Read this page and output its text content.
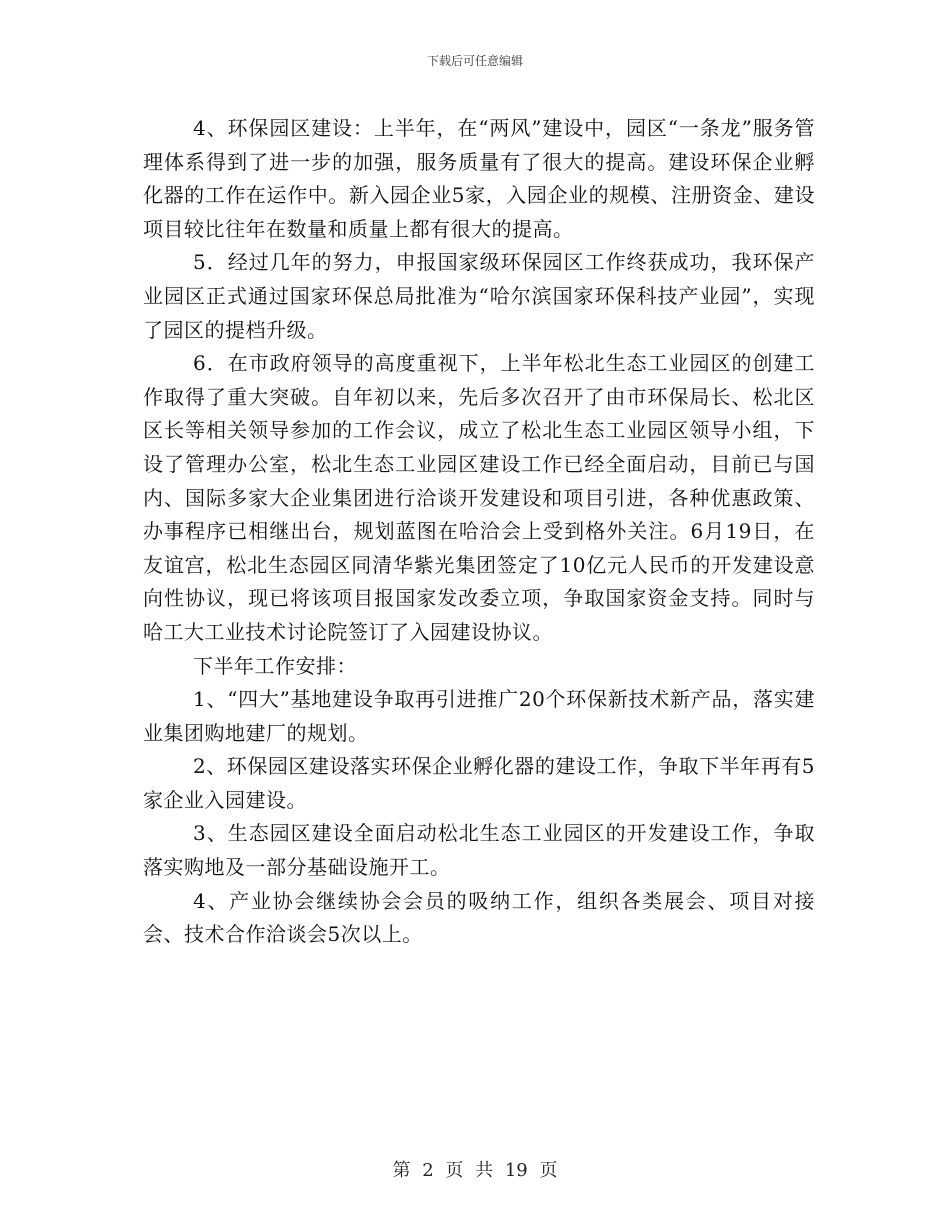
下载后可任意编辑

4、环保园区建设：上半年，在“两风”建设中，园区“一条龙”服务管理体系得到了进一步的加强，服务质量有了很大的提高。建设环保企业孵化器的工作在运作中。新入园企业5家，入园企业的规模、注册资金、建设项目较比往年在数量和质量上都有很大的提高。

5．经过几年的努力，申报国家级环保园区工作终获成功，我环保产业园区正式通过国家环保总局批准为“哈尔滨国家环保科技产业园”，实现了园区的提档升级。

6．在市政府领导的高度重视下，上半年松北生态工业园区的创建工作取得了重大突破。自年初以来，先后多次召开了由市环保局长、松北区区长等相关领导参加的工作会议，成立了松北生态工业园区领导小组，下设了管理办公室，松北生态工业园区建设工作已经全面启动，目前已与国内、国际多家大企业集团进行洽谈开发建设和项目引进，各种优惠政策、办事程序已相继出台，规划蓝图在哈洽会上受到格外关注。6月19日，在友谊宫，松北生态园区同清华紫光集团签定了10亿元人民币的开发建设意向性协议，现已将该项目报国家发改委立项，争取国家资金支持。同时与哈工大工业技术讨论院签订了入园建设协议。

下半年工作安排：

1、“四大”基地建设争取再引进推广20个环保新技术新产品，落实建业集团购地建厂的规划。

2、环保园区建设落实环保企业孵化器的建设工作，争取下半年再有5家企业入园建设。

3、生态园区建设全面启动松北生态工业园区的开发建设工作，争取落实购地及一部分基础设施开工。

4、产业协会继续协会会员的吸纳工作，组织各类展会、项目对接会、技术合作洽谈会5次以上。

第 2 页 共 19 页
